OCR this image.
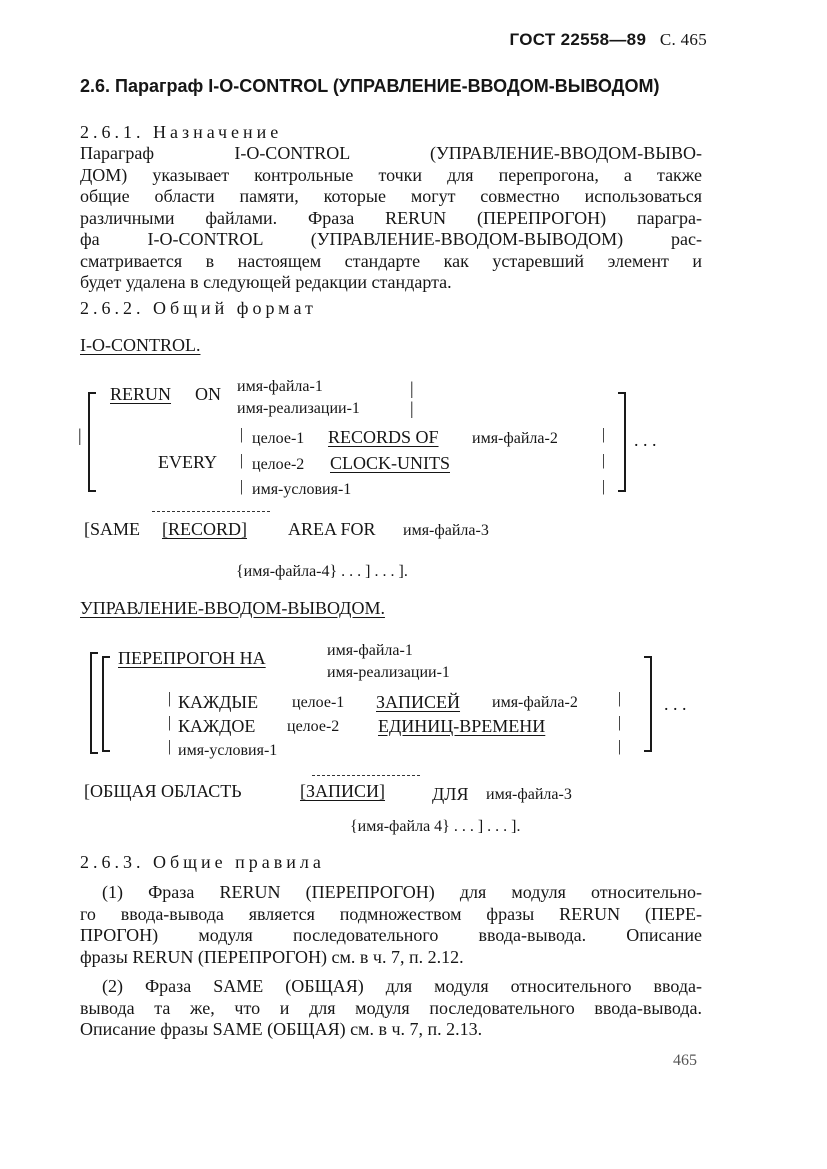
ГОСТ 22558—89 С. 465
2.6. Параграф I-O-CONTROL (УПРАВЛЕНИЕ-ВВОДОМ-ВЫВОДОМ)
2.6.1. Назначение
Параграф I-O-CONTROL (УПРАВЛЕНИЕ-ВВОДОМ-ВЫВО-
ДОМ) указывает контрольные точки для перепрогона, а также
общие области памяти, которые могут совместно использоваться
различными файлами. Фраза RERUN (ПЕРЕПРОГОН) парагра-
фа I-O-CONTROL (УПРАВЛЕНИЕ-ВВОДОМ-ВЫВОДОМ) рас-
сматривается в настоящем стандарте как устаревший элемент и
будет удалена в следующей редакции стандарта.
2.6.2. Общий формат
I-O-CONTROL.
|
RERUN ON имя-файла-1
имя-реализации-1
|
|
EVERY
|
|
|
целое-1 RECORDS OF имя-файла-2
целое-2 CLOCK-UNITS
имя-условия-1
|
|
|
. . .
[SAME [RECORD] AREA FOR имя-файла-3
{имя-файла-4} . . . ] . . . ].
УПРАВЛЕНИЕ-ВВОДОМ-ВЫВОДОМ.
ПЕРЕПРОГОН НА	имя-файла-1
имя-реализации-1
|
|
|
КАЖДЫЕ целое-1 ЗАПИСЕЙ имя-файла-2
КАЖДОЕ целое-2 ЕДИНИЦ-ВРЕМЕНИ
имя-условия-1
|
|
|
. . .
[ОБЩАЯ ОБЛАСТЬ	[ЗАПИСИ]	ДЛЯ имя-файла-3
{имя-файла 4} . . . ] . . . ].
2.6.3. Общие правила
(1) Фраза RERUN (ПЕРЕПРОГОН) для модуля относительно-
го ввода-вывода является подмножеством фразы RERUN (ПЕРЕ-
ПРОГОН) модуля последовательного ввода-вывода. Описание
фразы RERUN (ПЕРЕПРОГОН) см. в ч. 7, п. 2.12.
(2) Фраза SAME (ОБЩАЯ) для модуля относительного ввода-
вывода та же, что и для модуля последовательного ввода-вывода.
Описание фразы SAME (ОБЩАЯ) см. в ч. 7, п. 2.13.
465
